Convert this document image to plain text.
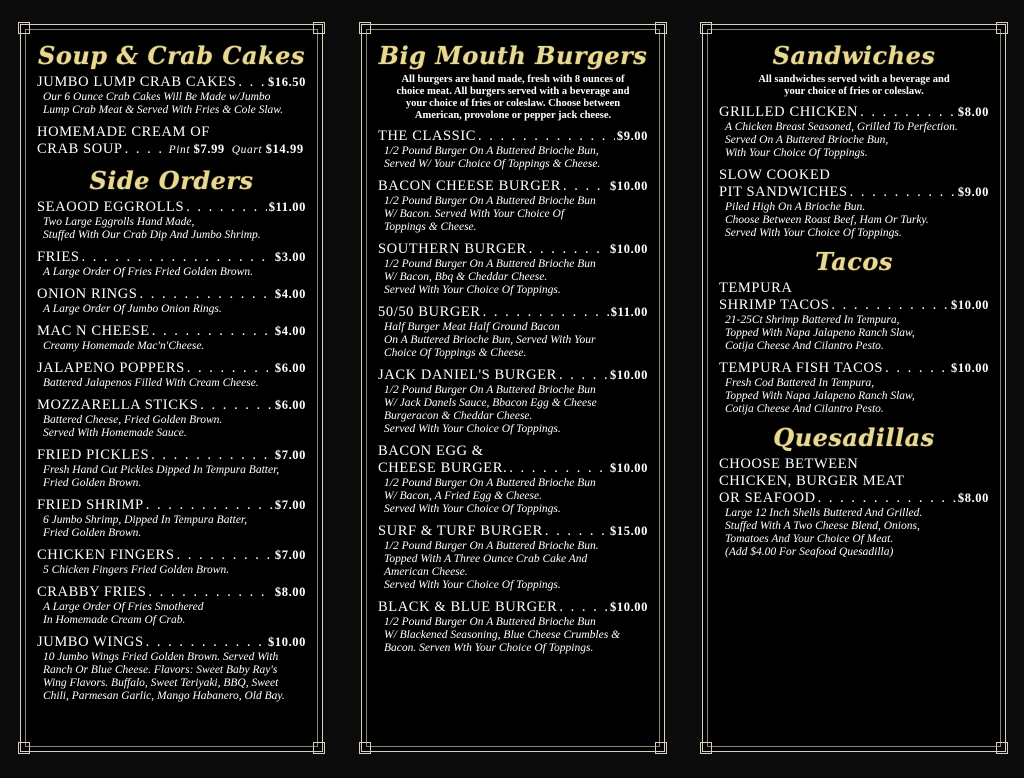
Soup & Crab Cakes
JUMBO LUMP CRAB CAKES . . .	$16.50
Our 6 Ounce Crab Cakes Will Be Made w/Jumbo
Lump Crab Meat & Served With Fries & Cole Slaw.
HOMEMADE CREAM OF
CRAB SOUP . . .	Pint $7.99 Quart $14.99
Side Orders
SEAOOD EGGROLLS . . .	$11.00
Two Large Eggrolls Hand Made,
Stuffed With Our Crab Dip And Jumbo Shrimp.
FRIES . . .	$3.00
A Large Order Of Fries Fried Golden Brown.
ONION RINGS . . .	$4.00
A Large Order Of Jumbo Onion Rings.
MAC N CHEESE . . .	$4.00
Creamy Homemade Mac'n'Cheese.
JALAPENO POPPERS . . .	$6.00
Battered Jalapenos Filled With Cream Cheese.
MOZZARELLA STICKS . . .	$6.00
Battered Cheese, Fried Golden Brown.
Served With Homemade Sauce.
FRIED PICKLES . . .	$7.00
Fresh Hand Cut Pickles Dipped In Tempura Batter,
Fried Golden Brown.
FRIED SHRIMP . . .	$7.00
6 Jumbo Shrimp, Dipped In Tempura Batter,
Fried Golden Brown.
CHICKEN FINGERS . . .	$7.00
5 Chicken Fingers Fried Golden Brown.
CRABBY FRIES . . .	$8.00
A Large Order Of Fries Smothered
In Homemade Cream Of Crab.
JUMBO WINGS . . .	$10.00
10 Jumbo Wings Fried Golden Brown. Served With
Ranch Or Blue Cheese. Flavors: Sweet Baby Ray's
Wing Flavors. Buffalo, Sweet Teriyaki, BBQ, Sweet
Chili, Parmesan Garlic, Mango Habanero, Old Bay.
Big Mouth Burgers
All burgers are hand made, fresh with 8 ounces of
choice meat. All burgers served with a beverage and
your choice of fries or coleslaw. Choose between
American, provolone or pepper jack cheese.
THE CLASSIC . . .	$9.00
1/2 Pound Burger On A Buttered Brioche Bun,
Served W/ Your Choice Of Toppings & Cheese.
BACON CHEESE BURGER . . .	$10.00
1/2 Pound Burger On A Buttered Brioche Bun
W/ Bacon. Served With Your Choice Of
Toppings & Cheese.
SOUTHERN BURGER . . .	$10.00
1/2 Pound Burger On A Buttered Brioche Bun
W/ Bacon, Bbq & Cheddar Cheese.
Served With Your Choice Of Toppings.
50/50 BURGER . . .	$11.00
Half Burger Meat Half Ground Bacon
On A Buttered Brioche Bun, Served With Your
Choice Of Toppings & Cheese.
JACK DANIEL'S BURGER . . .	$10.00
1/2 Pound Burger On A Buttered Brioche Bun
W/ Jack Danels Sauce, Bbacon Egg & Cheese
Burgeracon & Cheddar Cheese.
Served With Your Choice Of Toppings.
BACON EGG &
CHEESE BURGER. . . .	$10.00
1/2 Pound Burger On A Buttered Brioche Bun
W/ Bacon, A Fried Egg & Cheese.
Served With Your Choice Of Toppings.
SURF & TURF BURGER . . .	$15.00
1/2 Pound Burger On A Buttered Brioche Bun.
Topped With A Three Ounce Crab Cake And
American Cheese.
Served With Your Choice Of Toppings.
BLACK & BLUE BURGER . . .	$10.00
1/2 Pound Burger On A Buttered Brioche Bun
W/ Blackened Seasoning, Blue Cheese Crumbles &
Bacon. Serven Wth Your Choice Of Toppings.
Sandwiches
All sandwiches served with a beverage and
your choice of fries or coleslaw.
GRILLED CHICKEN . . .	$8.00
A Chicken Breast Seasoned, Grilled To Perfection.
Served On A Buttered Brioche Bun,
With Your Choice Of Toppings.
SLOW COOKED
PIT SANDWICHES . . .	$9.00
Piled High On A Brioche Bun.
Choose Between Roast Beef, Ham Or Turky.
Served With Your Choice Of Toppings.
Tacos
TEMPURA
SHRIMP TACOS . . .	$10.00
21-25Ct Shrimp Battered In Tempura,
Topped With Napa Jalapeno Ranch Slaw,
Cotija Cheese And Cilantro Pesto.
TEMPURA FISH TACOS . . .	$10.00
Fresh Cod Battered In Tempura,
Topped With Napa Jalapeno Ranch Slaw,
Cotija Cheese And Cilantro Pesto.
Quesadillas
CHOOSE BETWEEN
CHICKEN, BURGER MEAT
OR SEAFOOD . . .	$8.00
Large 12 Inch Shells Buttered And Grilled.
Stuffed With A Two Cheese Blend, Onions,
Tomatoes And Your Choice Of Meat.
(Add $4.00 For Seafood Quesadilla)
